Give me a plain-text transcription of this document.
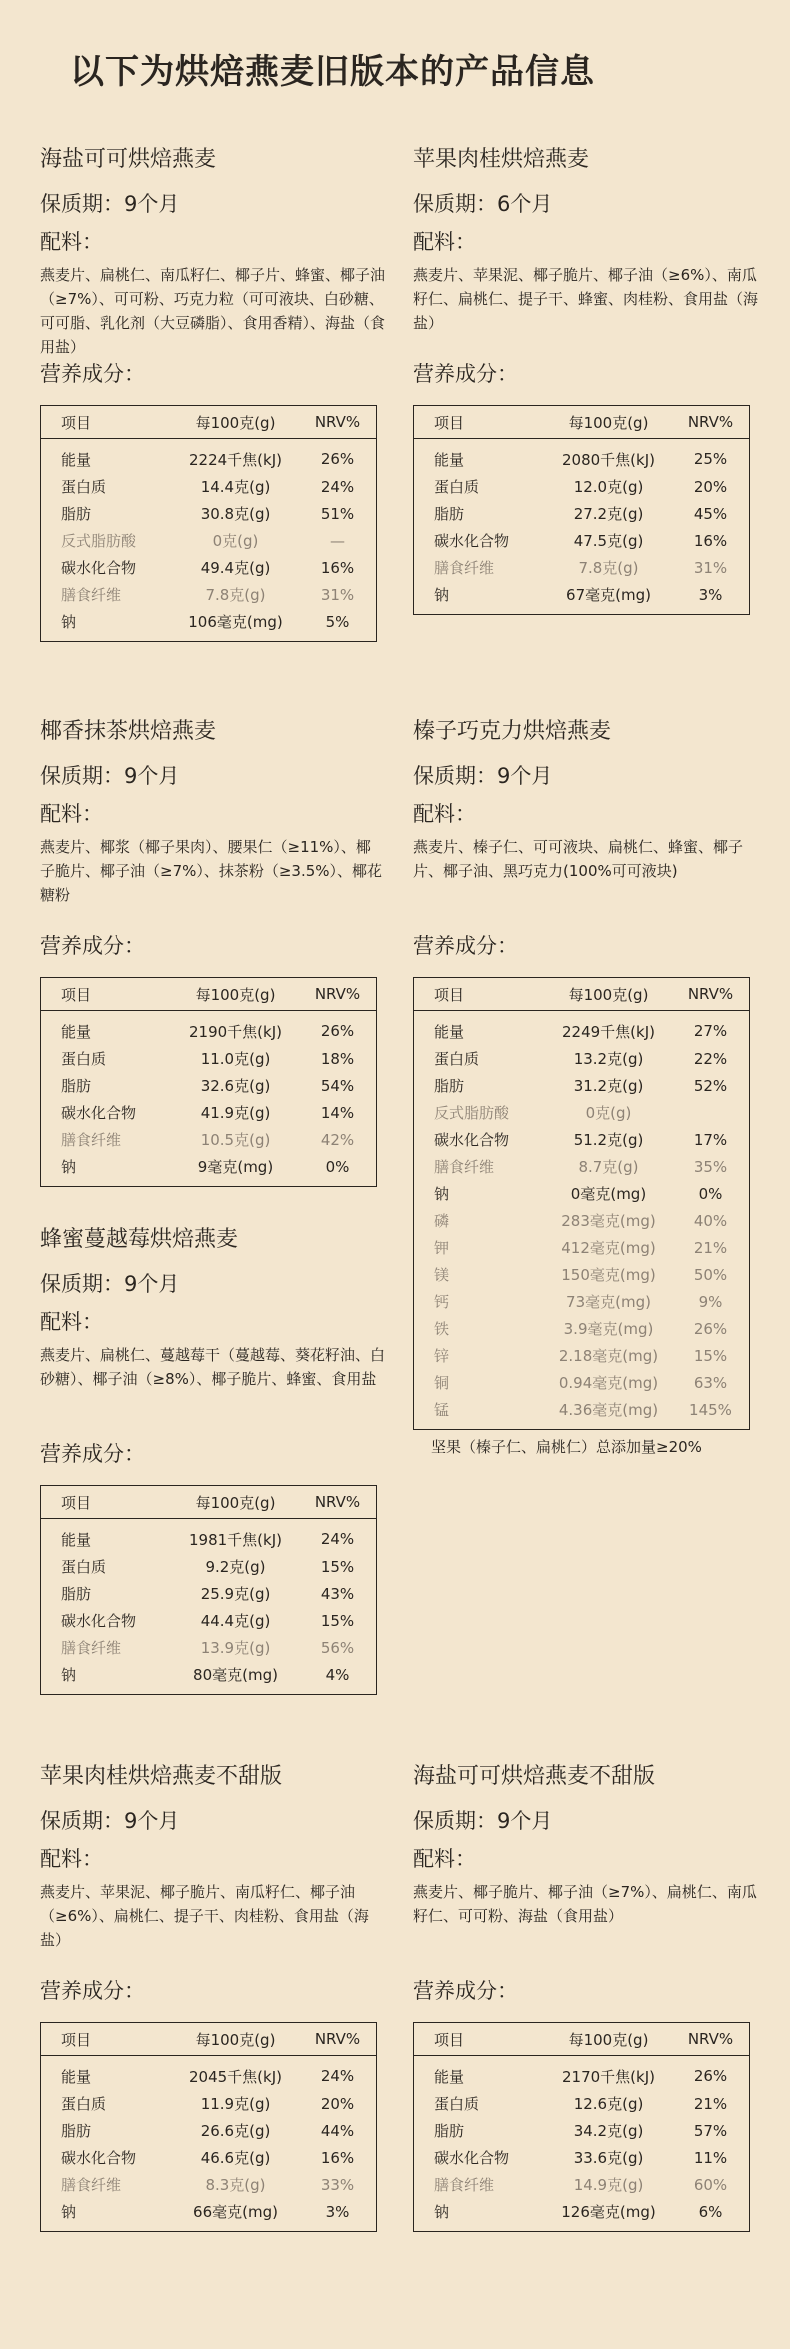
以下为烘焙燕麦旧版本的产品信息
海盐可可烘焙燕麦
保质期：9个月
配料：
燕麦片、扁桃仁、南瓜籽仁、椰子片、蜂蜜、椰子油（≥7%）、可可粉、巧克力粒（可可液块、白砂糖、可可脂、乳化剂（大豆磷脂）、食用香精）、海盐（食用盐）
营养成分：
项目	每100克(g)	NRV%
能量	2224千焦(kJ)	26%
蛋白质	14.4克(g)	24%
脂肪	30.8克(g)	51%
反式脂肪酸	0克(g)	—
碳水化合物	49.4克(g)	16%
膳食纤维	7.8克(g)	31%
钠	106毫克(mg)	5%
苹果肉桂烘焙燕麦
保质期：6个月
配料：
燕麦片、苹果泥、椰子脆片、椰子油（≥6%）、南瓜籽仁、扁桃仁、提子干、蜂蜜、肉桂粉、食用盐（海盐）
营养成分：
项目	每100克(g)	NRV%
能量	2080千焦(kJ)	25%
蛋白质	12.0克(g)	20%
脂肪	27.2克(g)	45%
碳水化合物	47.5克(g)	16%
膳食纤维	7.8克(g)	31%
钠	67毫克(mg)	3%
椰香抹茶烘焙燕麦
保质期：9个月
配料：
燕麦片、椰浆（椰子果肉）、腰果仁（≥11%）、椰子脆片、椰子油（≥7%）、抹茶粉（≥3.5%）、椰花糖粉
营养成分：
项目	每100克(g)	NRV%
能量	2190千焦(kJ)	26%
蛋白质	11.0克(g)	18%
脂肪	32.6克(g)	54%
碳水化合物	41.9克(g)	14%
膳食纤维	10.5克(g)	42%
钠	9毫克(mg)	0%
榛子巧克力烘焙燕麦
保质期：9个月
配料：
燕麦片、榛子仁、可可液块、扁桃仁、蜂蜜、椰子片、椰子油、黑巧克力(100%可可液块)
营养成分：
项目	每100克(g)	NRV%
能量	2249千焦(kJ)	27%
蛋白质	13.2克(g)	22%
脂肪	31.2克(g)	52%
反式脂肪酸	0克(g)	
碳水化合物	51.2克(g)	17%
膳食纤维	8.7克(g)	35%
钠	0毫克(mg)	0%
磷	283毫克(mg)	40%
钾	412毫克(mg)	21%
镁	150毫克(mg)	50%
钙	73毫克(mg)	9%
铁	3.9毫克(mg)	26%
锌	2.18毫克(mg)	15%
铜	0.94毫克(mg)	63%
锰	4.36毫克(mg)	145%
坚果（榛子仁、扁桃仁）总添加量≥20%
蜂蜜蔓越莓烘焙燕麦
保质期：9个月
配料：
燕麦片、扁桃仁、蔓越莓干（蔓越莓、葵花籽油、白砂糖）、椰子油（≥8%）、椰子脆片、蜂蜜、食用盐
营养成分：
项目	每100克(g)	NRV%
能量	1981千焦(kJ)	24%
蛋白质	9.2克(g)	15%
脂肪	25.9克(g)	43%
碳水化合物	44.4克(g)	15%
膳食纤维	13.9克(g)	56%
钠	80毫克(mg)	4%
海盐可可烘焙燕麦不甜版
保质期：9个月
配料：
燕麦片、椰子脆片、椰子油（≥7%）、扁桃仁、南瓜籽仁、可可粉、海盐（食用盐）
营养成分：
项目	每100克(g)	NRV%
能量	2170千焦(kJ)	26%
蛋白质	12.6克(g)	21%
脂肪	34.2克(g)	57%
碳水化合物	33.6克(g)	11%
膳食纤维	14.9克(g)	60%
钠	126毫克(mg)	6%
苹果肉桂烘焙燕麦不甜版
保质期：9个月
配料：
燕麦片、苹果泥、椰子脆片、南瓜籽仁、椰子油（≥6%）、扁桃仁、提子干、肉桂粉、食用盐（海盐）
营养成分：
项目	每100克(g)	NRV%
能量	2045千焦(kJ)	24%
蛋白质	11.9克(g)	20%
脂肪	26.6克(g)	44%
碳水化合物	46.6克(g)	16%
膳食纤维	8.3克(g)	33%
钠	66毫克(mg)	3%
